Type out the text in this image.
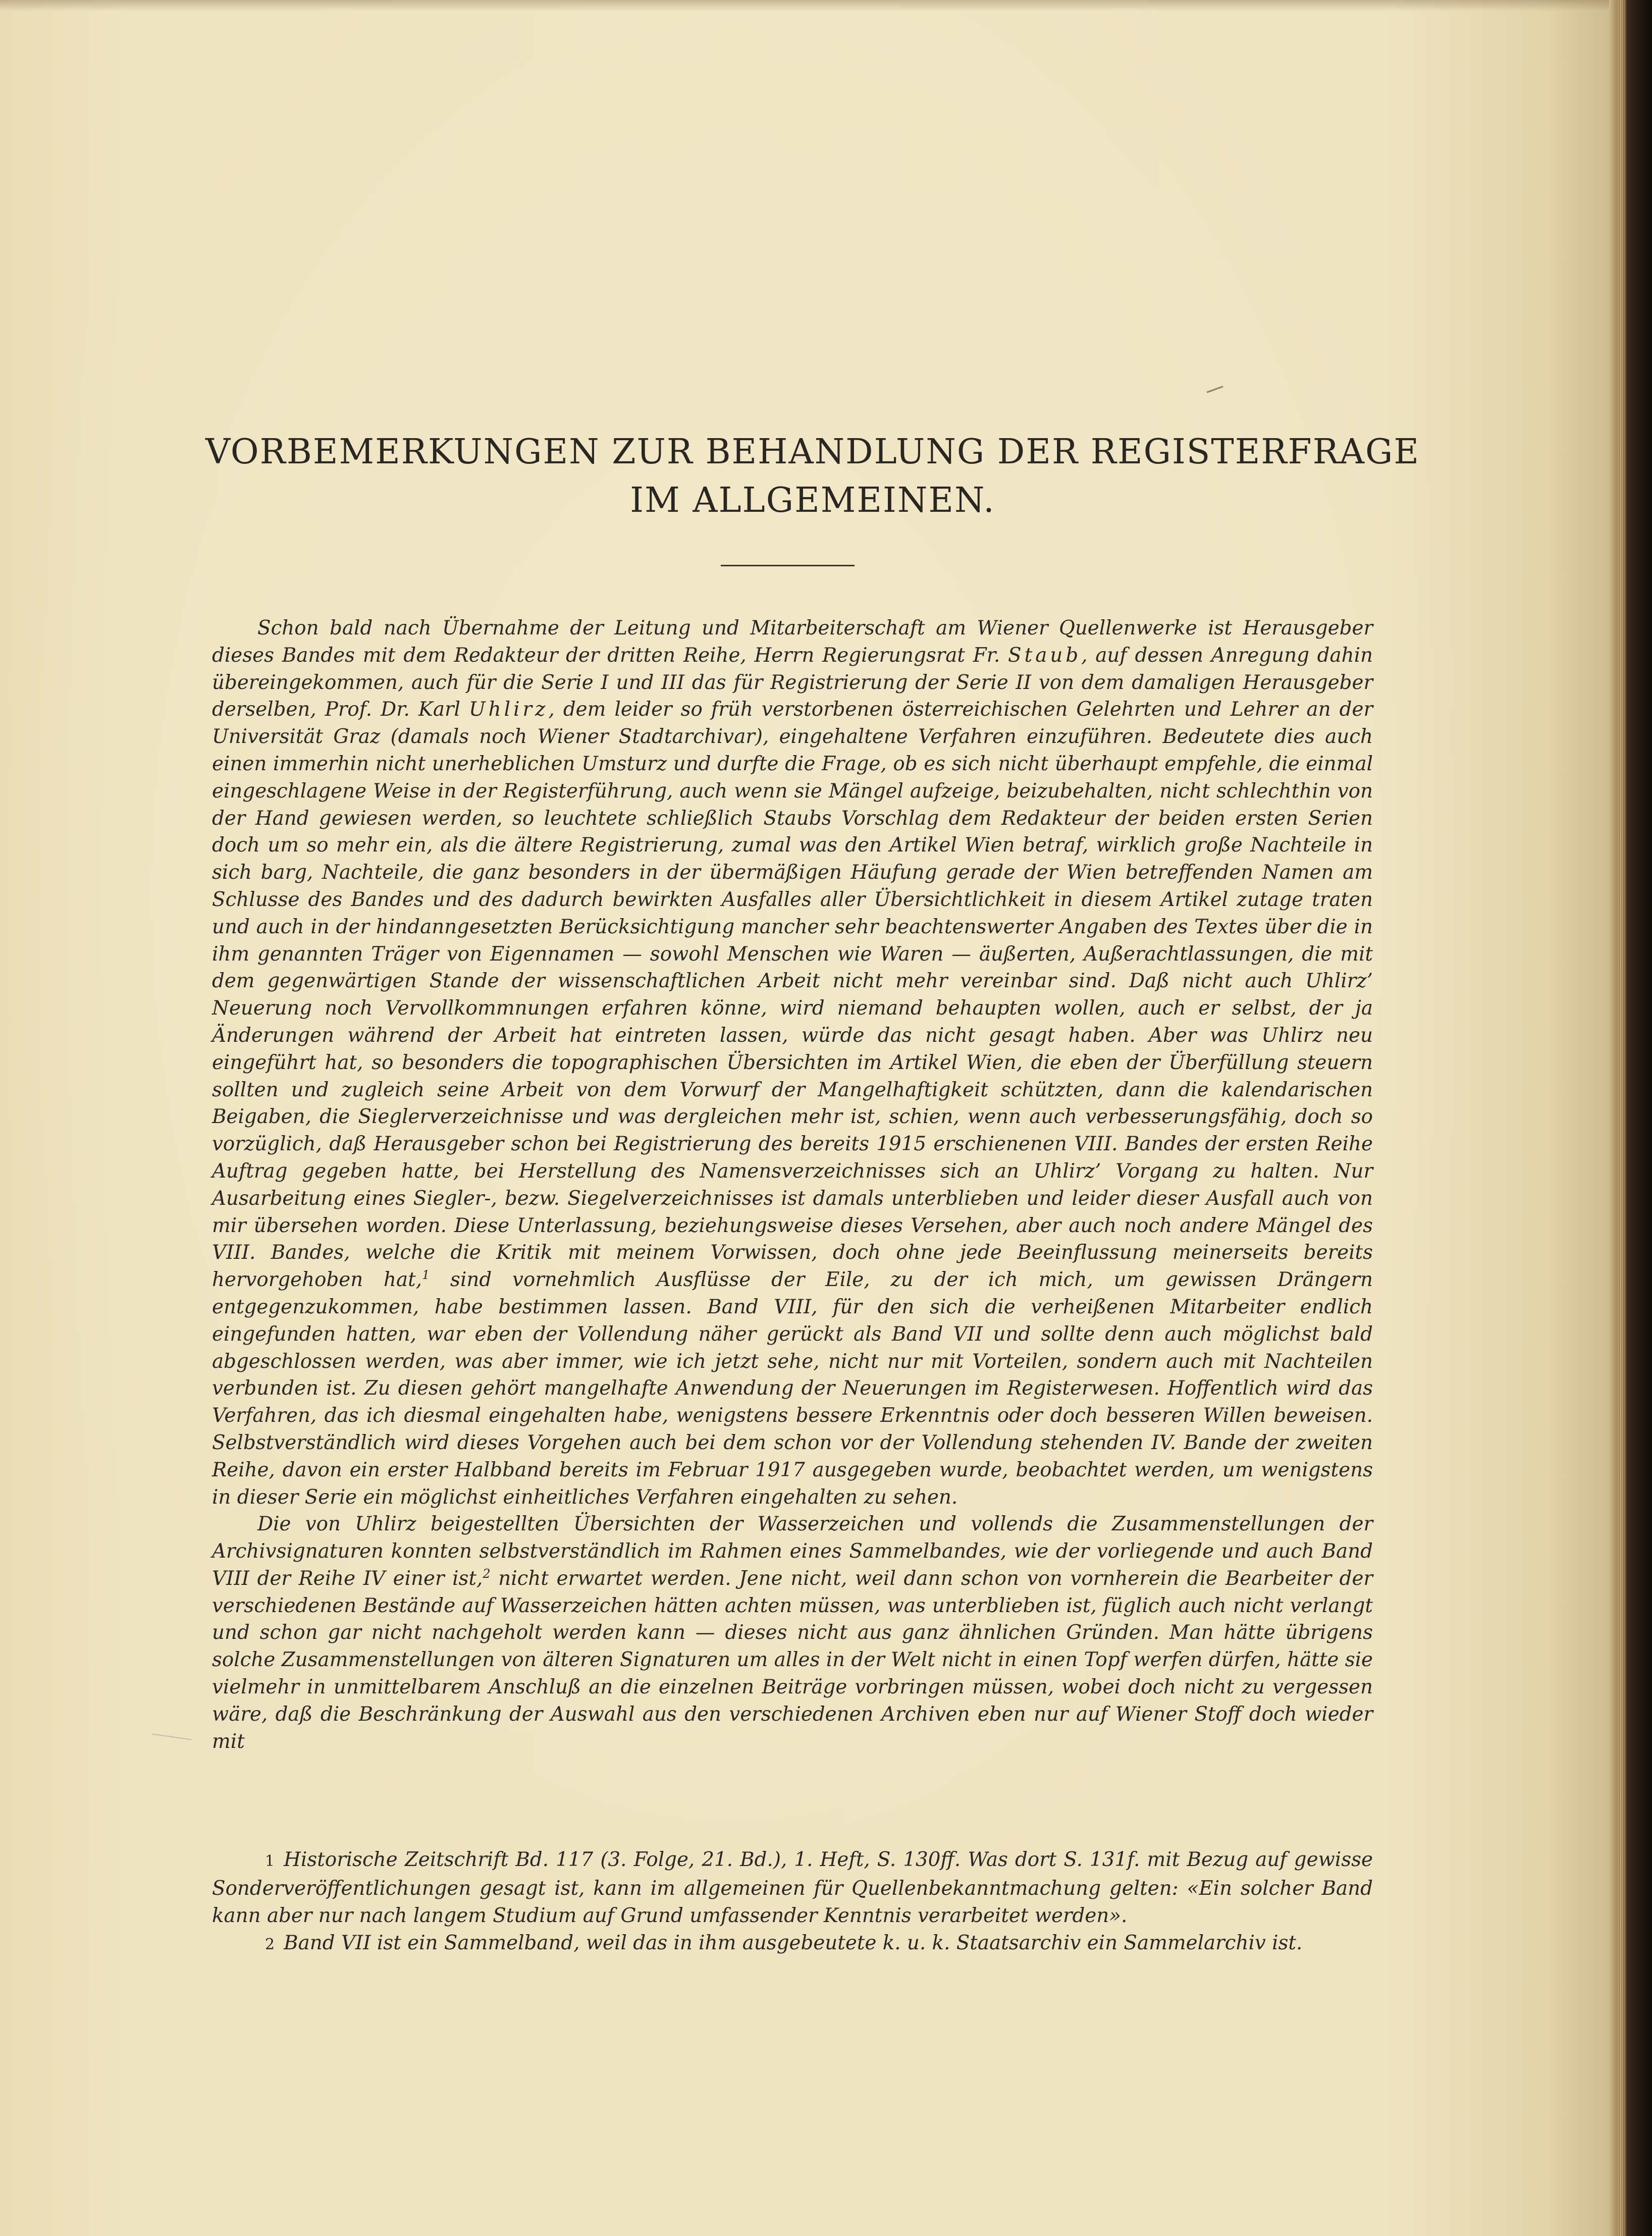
VORBEMERKUNGEN ZUR BEHANDLUNG DER REGISTERFRAGE
IM ALLGEMEINEN.

Schon bald nach Übernahme der Leitung und Mitarbeiterschaft am Wiener Quellenwerke ist Herausgeber dieses Bandes mit dem Redakteur der dritten Reihe, Herrn Regierungsrat Fr. Staub, auf dessen Anregung dahin übereingekommen, auch für die Serie I und III das für Registrierung der Serie II von dem damaligen Herausgeber derselben, Prof. Dr. Karl Uhlirz, dem leider so früh verstorbenen österreichischen Gelehrten und Lehrer an der Universität Graz (damals noch Wiener Stadtarchivar), eingehaltene Verfahren einzuführen. Bedeutete dies auch einen immerhin nicht unerheblichen Umsturz und durfte die Frage, ob es sich nicht überhaupt empfehle, die einmal eingeschlagene Weise in der Registerführung, auch wenn sie Mängel aufzeige, beizubehalten, nicht schlechthin von der Hand gewiesen werden, so leuchtete schließlich Staubs Vorschlag dem Redakteur der beiden ersten Serien doch um so mehr ein, als die ältere Registrierung, zumal was den Artikel Wien betraf, wirklich große Nachteile in sich barg, Nachteile, die ganz besonders in der übermäßigen Häufung gerade der Wien betreffenden Namen am Schlusse des Bandes und des dadurch bewirkten Ausfalles aller Übersichtlichkeit in diesem Artikel zutage traten und auch in der hindanngesetzten Berücksichtigung mancher sehr beachtenswerter Angaben des Textes über die in ihm genannten Träger von Eigennamen — sowohl Menschen wie Waren — äußerten, Außerachtlassungen, die mit dem gegenwärtigen Stande der wissenschaftlichen Arbeit nicht mehr vereinbar sind. Daß nicht auch Uhlirz’ Neuerung noch Vervollkommnungen erfahren könne, wird niemand behaupten wollen, auch er selbst, der ja Änderungen während der Arbeit hat eintreten lassen, würde das nicht gesagt haben. Aber was Uhlirz neu eingeführt hat, so besonders die topographischen Übersichten im Artikel Wien, die eben der Überfüllung steuern sollten und zugleich seine Arbeit von dem Vorwurf der Mangelhaftigkeit schützten, dann die kalendarischen Beigaben, die Sieglerverzeichnisse und was dergleichen mehr ist, schien, wenn auch verbesserungsfähig, doch so vorzüglich, daß Herausgeber schon bei Registrierung des bereits 1915 erschienenen VIII. Bandes der ersten Reihe Auftrag gegeben hatte, bei Herstellung des Namensverzeichnisses sich an Uhlirz’ Vorgang zu halten. Nur Ausarbeitung eines Siegler-, bezw. Siegelverzeichnisses ist damals unterblieben und leider dieser Ausfall auch von mir übersehen worden. Diese Unterlassung, beziehungsweise dieses Versehen, aber auch noch andere Mängel des VIII. Bandes, welche die Kritik mit meinem Vorwissen, doch ohne jede Beeinflussung meinerseits bereits hervorgehoben hat,$^1$ sind vornehmlich Ausflüsse der Eile, zu der ich mich, um gewissen Drängern entgegenzukommen, habe bestimmen lassen. Band VIII, für den sich die verheißenen Mitarbeiter endlich eingefunden hatten, war eben der Vollendung näher gerückt als Band VII und sollte denn auch möglichst bald abgeschlossen werden, was aber immer, wie ich jetzt sehe, nicht nur mit Vorteilen, sondern auch mit Nachteilen verbunden ist. Zu diesen gehört mangelhafte Anwendung der Neuerungen im Registerwesen. Hoffentlich wird das Verfahren, das ich diesmal eingehalten habe, wenigstens bessere Erkenntnis oder doch besseren Willen beweisen. Selbstverständlich wird dieses Vorgehen auch bei dem schon vor der Vollendung stehenden IV. Bande der zweiten Reihe, davon ein erster Halbband bereits im Februar 1917 ausgegeben wurde, beobachtet werden, um wenigstens in dieser Serie ein möglichst einheitliches Verfahren eingehalten zu sehen.

Die von Uhlirz beigestellten Übersichten der Wasserzeichen und vollends die Zusammenstellungen der Archivsignaturen konnten selbstverständlich im Rahmen eines Sammelbandes, wie der vorliegende und auch Band VIII der Reihe IV einer ist,$^2$ nicht erwartet werden. Jene nicht, weil dann schon von vornherein die Bearbeiter der verschiedenen Bestände auf Wasserzeichen hätten achten müssen, was unterblieben ist, füglich auch nicht verlangt und schon gar nicht nachgeholt werden kann — dieses nicht aus ganz ähnlichen Gründen. Man hätte übrigens solche Zusammenstellungen von älteren Signaturen um alles in der Welt nicht in einen Topf werfen dürfen, hätte sie vielmehr in unmittelbarem Anschluß an die einzelnen Beiträge vorbringen müssen, wobei doch nicht zu vergessen wäre, daß die Beschränkung der Auswahl aus den verschiedenen Archiven eben nur auf Wiener Stoff doch wieder mit

1 Historische Zeitschrift Bd. 117 (3. Folge, 21. Bd.), 1. Heft, S. 130ff. Was dort S. 131f. mit Bezug auf gewisse Sonderveröffentlichungen gesagt ist, kann im allgemeinen für Quellenbekanntmachung gelten: «Ein solcher Band kann aber nur nach langem Studium auf Grund umfassender Kenntnis verarbeitet werden».

2 Band VII ist ein Sammelband, weil das in ihm ausgebeutete k. u. k. Staatsarchiv ein Sammelarchiv ist.
